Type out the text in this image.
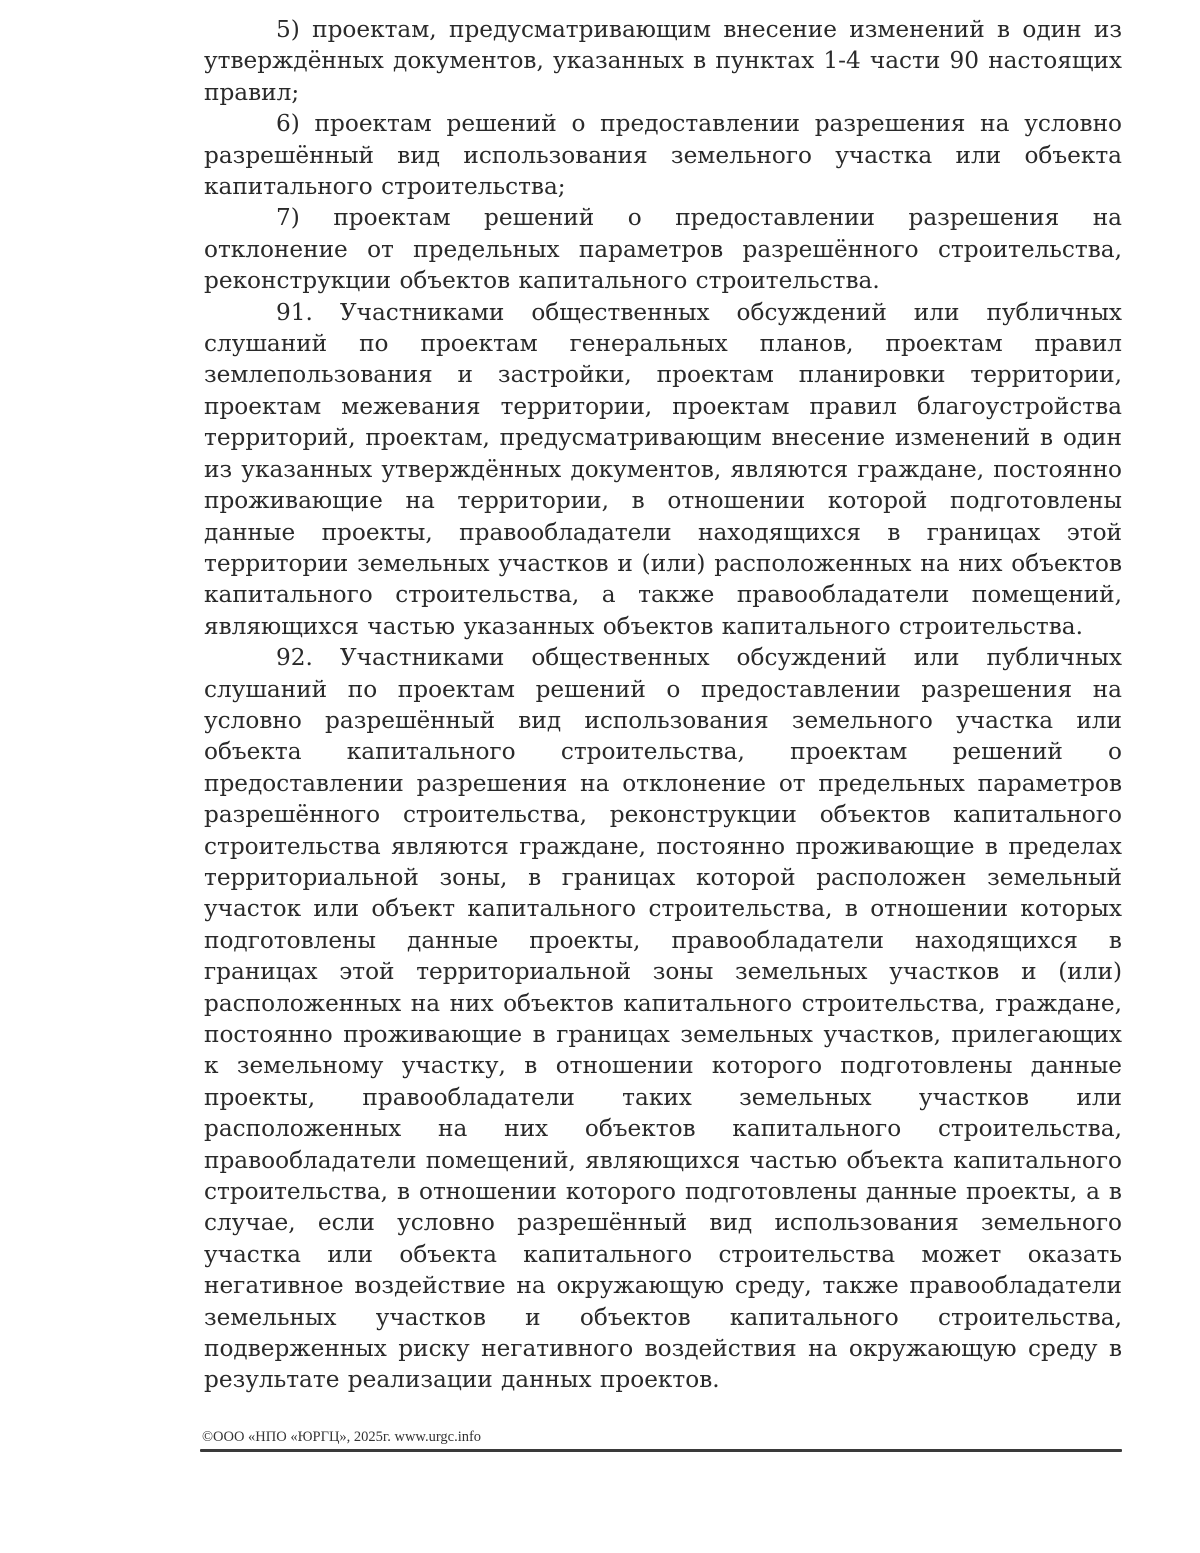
5) проектам, предусматривающим внесение изменений в один из утверждённых документов, указанных в пунктах 1-4 части 90 настоящих правил;

6) проектам решений о предоставлении разрешения на условно разрешённый вид использования земельного участка или объекта капитального строительства;

7) проектам решений о предоставлении разрешения на отклонение от предельных параметров разрешённого строительства, реконструкции объектов капитального строительства.

91. Участниками общественных обсуждений или публичных слушаний по проектам генеральных планов, проектам правил землепользования и застройки, проектам планировки территории, проектам межевания территории, проектам правил благоустройства территорий, проектам, предусматривающим внесение изменений в один из указанных утверждённых документов, являются граждане, постоянно проживающие на территории, в отношении которой подготовлены данные проекты, правообладатели находящихся в границах этой территории земельных участков и (или) расположенных на них объектов капитального строительства, а также правообладатели помещений, являющихся частью указанных объектов капитального строительства.

92. Участниками общественных обсуждений или публичных слушаний по проектам решений о предоставлении разрешения на условно разрешённый вид использования земельного участка или объекта капитального строительства, проектам решений о предоставлении разрешения на отклонение от предельных параметров разрешённого строительства, реконструкции объектов капитального строительства являются граждане, постоянно проживающие в пределах территориальной зоны, в границах которой расположен земельный участок или объект капитального строительства, в отношении которых подготовлены данные проекты, правообладатели находящихся в границах этой территориальной зоны земельных участков и (или) расположенных на них объектов капитального строительства, граждане, постоянно проживающие в границах земельных участков, прилегающих к земельному участку, в отношении которого подготовлены данные проекты, правообладатели таких земельных участков или расположенных на них объектов капитального строительства, правообладатели помещений, являющихся частью объекта капитального строительства, в отношении которого подготовлены данные проекты, а в случае, если условно разрешённый вид использования земельного участка или объекта капитального строительства может оказать негативное воздействие на окружающую среду, также правообладатели земельных участков и объектов капитального строительства, подверженных риску негативного воздействия на окружающую среду в результате реализации данных проектов.

©ООО «НПО «ЮРГЦ», 2025г. www.urgc.info
